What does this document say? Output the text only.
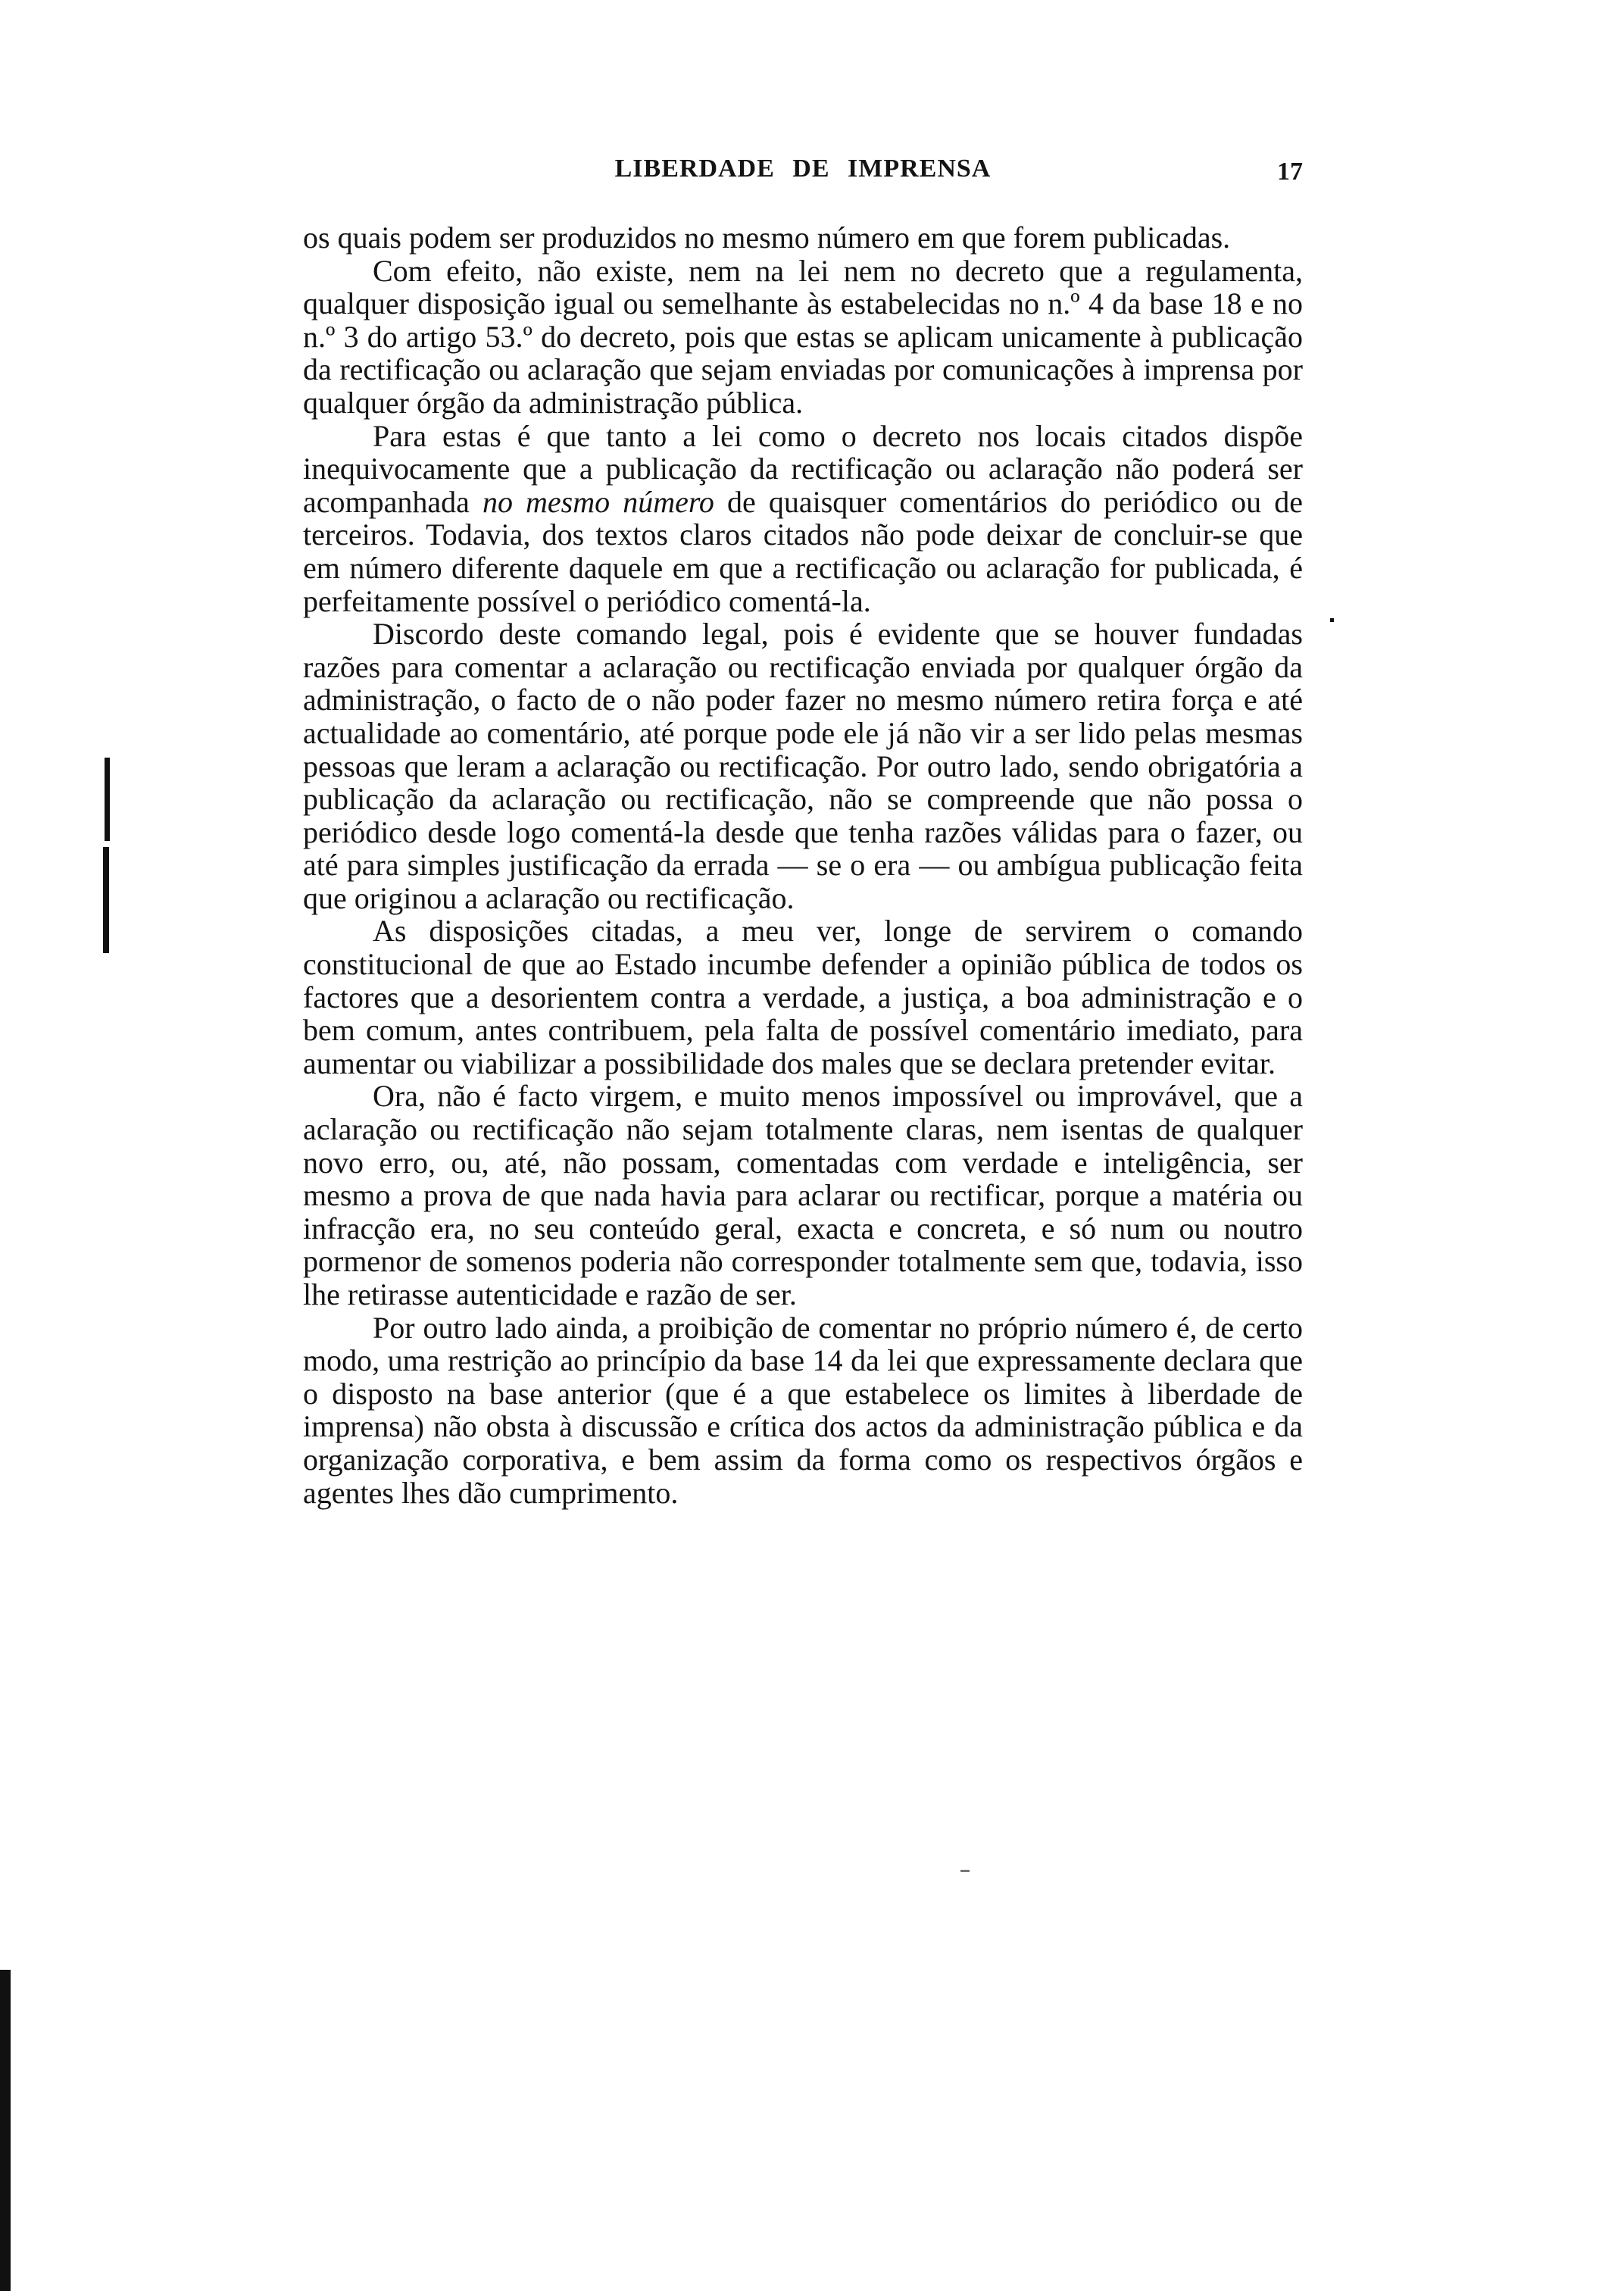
LIBERDADE DE IMPRENSA	17

os quais podem ser produzidos no mesmo número em que forem publicadas.

Com efeito, não existe, nem na lei nem no decreto que a regulamenta, qualquer disposição igual ou semelhante às estabelecidas no n.º 4 da base 18 e no n.º 3 do artigo 53.º do decreto, pois que estas se aplicam unicamente à publicação da rectificação ou aclaração que sejam enviadas por comunicações à imprensa por qualquer órgão da administração pública.

Para estas é que tanto a lei como o decreto nos locais citados dispõe inequivocamente que a publicação da rectificação ou aclaração não poderá ser acompanhada no mesmo número de quaisquer comentários do periódico ou de terceiros. Todavia, dos textos claros citados não pode deixar de concluir-se que em número diferente daquele em que a rectificação ou aclaração for publicada, é perfeitamente possível o periódico comentá-la.

Discordo deste comando legal, pois é evidente que se houver fundadas razões para comentar a aclaração ou rectificação enviada por qualquer órgão da administração, o facto de o não poder fazer no mesmo número retira força e até actualidade ao comentário, até porque pode ele já não vir a ser lido pelas mesmas pessoas que leram a aclaração ou rectificação. Por outro lado, sendo obrigatória a publicação da aclaração ou rectificação, não se compreende que não possa o periódico desde logo comentá-la desde que tenha razões válidas para o fazer, ou até para simples justificação da errada — se o era — ou ambígua publicação feita que originou a aclaração ou rectificação.

As disposições citadas, a meu ver, longe de servirem o comando constitucional de que ao Estado incumbe defender a opinião pública de todos os factores que a desorientem contra a verdade, a justiça, a boa administração e o bem comum, antes contribuem, pela falta de possível comentário imediato, para aumentar ou viabilizar a possibilidade dos males que se declara pretender evitar.

Ora, não é facto virgem, e muito menos impossível ou improvável, que a aclaração ou rectificação não sejam totalmente claras, nem isentas de qualquer novo erro, ou, até, não possam, comentadas com verdade e inteligência, ser mesmo a prova de que nada havia para aclarar ou rectificar, porque a matéria ou infracção era, no seu conteúdo geral, exacta e concreta, e só num ou noutro pormenor de somenos poderia não corresponder totalmente sem que, todavia, isso lhe retirasse autenticidade e razão de ser.

Por outro lado ainda, a proibição de comentar no próprio número é, de certo modo, uma restrição ao princípio da base 14 da lei que expressamente declara que o disposto na base anterior (que é a que estabelece os limites à liberdade de imprensa) não obsta à discussão e crítica dos actos da administração pública e da organização corporativa, e bem assim da forma como os respectivos órgãos e agentes lhes dão cumprimento.
